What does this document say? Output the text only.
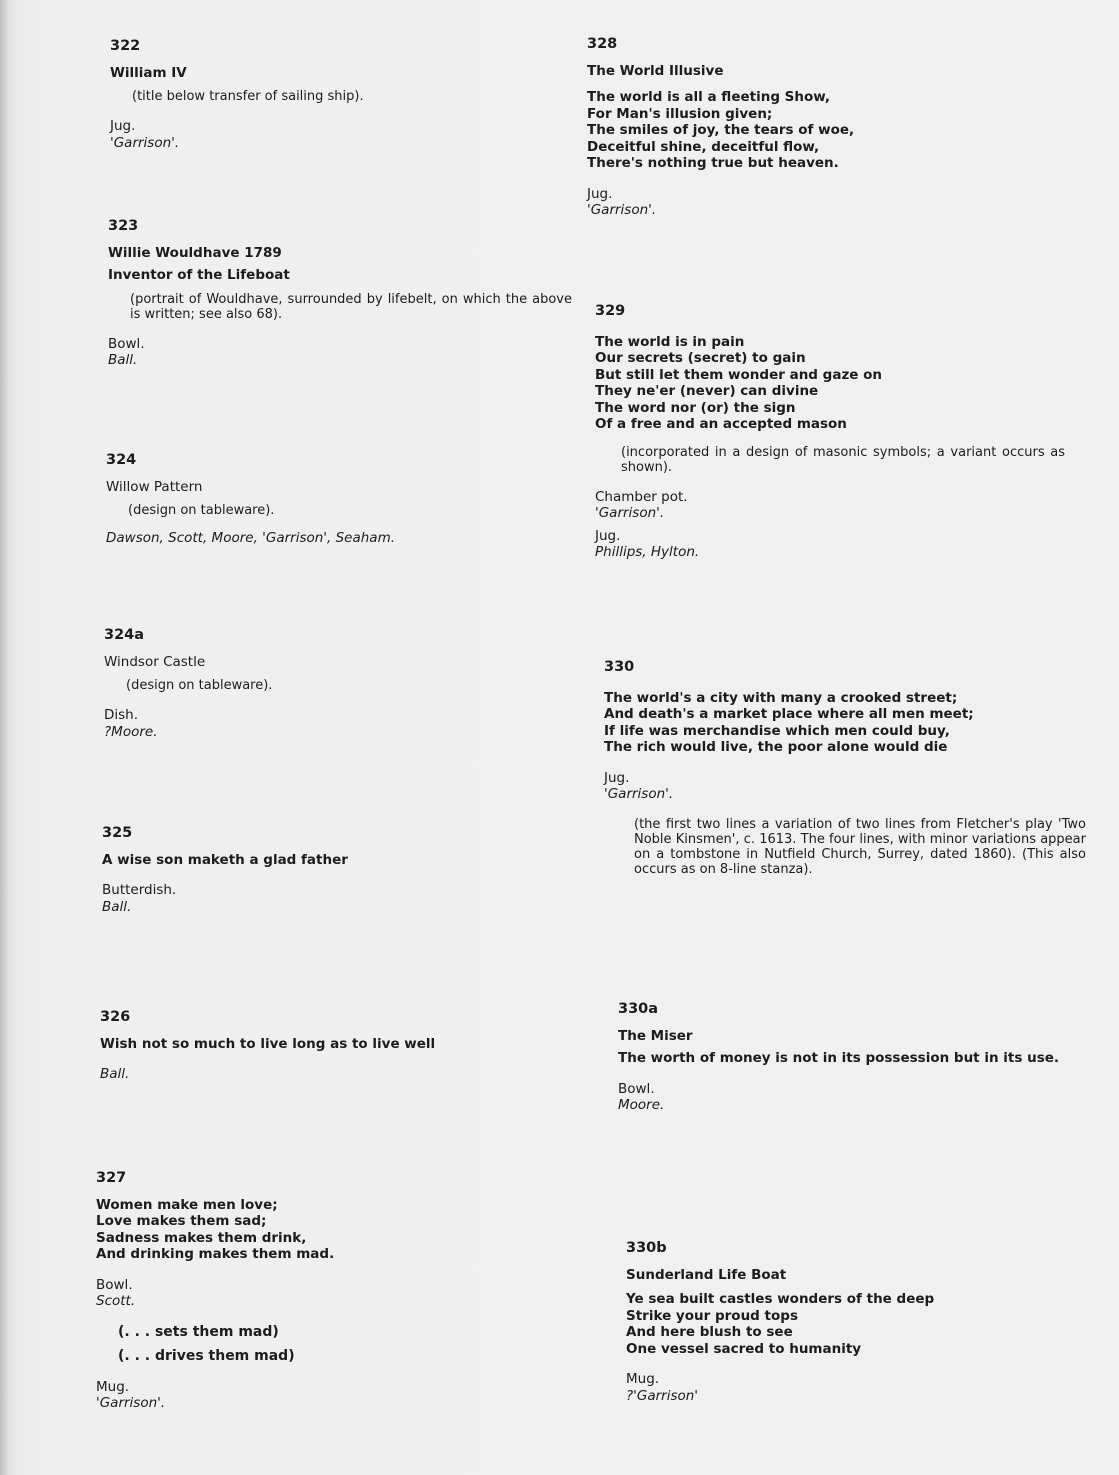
322
William IV
(title below transfer of sailing ship).
Jug.
'Garrison'.
323
Willie Wouldhave 1789
Inventor of the Lifeboat
(portrait of Wouldhave, surrounded by lifebelt, on which the above is written; see also 68).
Bowl.
Ball.
324
Willow Pattern
(design on tableware).
Dawson, Scott, Moore, 'Garrison', Seaham.
324a
Windsor Castle
(design on tableware).
Dish.
?Moore.
325
A wise son maketh a glad father
Butterdish.
Ball.
326
Wish not so much to live long as to live well
Ball.
327
Women make men love;
Love makes them sad;
Sadness makes them drink,
And drinking makes them mad.
Bowl.
Scott.
(. . . sets them mad)
(. . . drives them mad)
Mug.
'Garrison'.
328
The World Illusive
The world is all a fleeting Show,
For Man's illusion given;
The smiles of joy, the tears of woe,
Deceitful shine, deceitful flow,
There's nothing true but heaven.
Jug.
'Garrison'.
329
The world is in pain
Our secrets (secret) to gain
But still let them wonder and gaze on
They ne'er (never) can divine
The word nor (or) the sign
Of a free and an accepted mason
(incorporated in a design of masonic symbols; a variant occurs as shown).
Chamber pot.
'Garrison'.
Jug.
Phillips, Hylton.
330
The world's a city with many a crooked street;
And death's a market place where all men meet;
If life was merchandise which men could buy,
The rich would live, the poor alone would die
Jug.
'Garrison'.
(the first two lines a variation of two lines from Fletcher's play 'Two Noble Kinsmen', c. 1613. The four lines, with minor variations appear on a tombstone in Nutfield Church, Surrey, dated 1860). (This also occurs as on 8-line stanza).
330a
The Miser
The worth of money is not in its possession but in its use.
Bowl.
Moore.
330b
Sunderland Life Boat
Ye sea built castles wonders of the deep
Strike your proud tops
And here blush to see
One vessel sacred to humanity
Mug.
?'Garrison'
